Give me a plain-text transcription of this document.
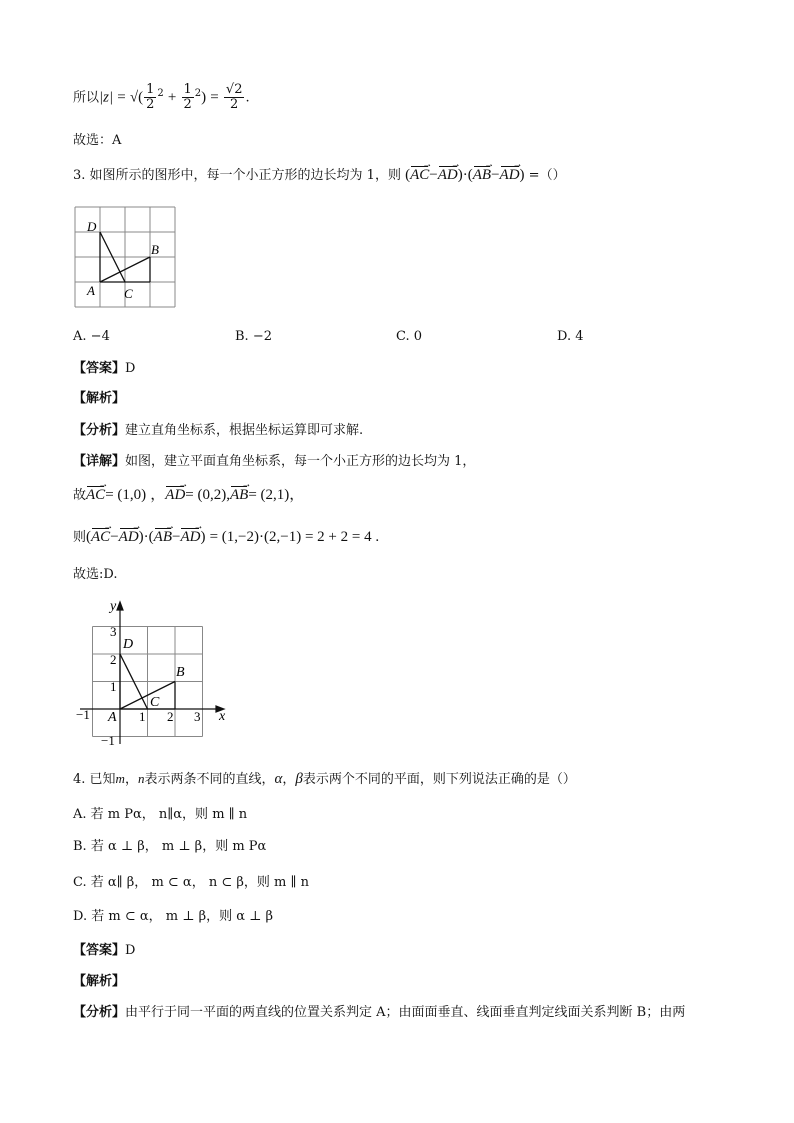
所以|z| = √( $\frac{1}{2} ^2 + \frac{1}{2} ^2) = \frac{√2}{2}$ .
故选：A
3. 如图所示的图形中，每一个小正方形的边长均为 1，则 (AC →−AD →)·(AB →−AD →) =（）
D
B
A C
A. −4	B. −2	C. 0	D. 4
【答案】D
【解析】
【分析】建立直角坐标系，根据坐标运算即可求解.
【详解】如图，建立平面直角坐标系，每一个小正方形的边长均为 1，
故AC →= (1,0) ，AD →= (0,2),AB →= (2,1)，
则(AC →−AD →)·(AB →−AD →) = (1,−2)·(2,−1) = 2 + 2 = 4 .
故选:D.
y
x
3
2
1
−1
−1
1 2 3
D
B
C
A
4. 已知m，n表示两条不同的直线，α，β表示两个不同的平面，则下列说法正确的是（）
A. 若 m Pα， n∥α，则 m ∥ n
B. 若 α ⊥ β， m ⊥ β，则 m Pα
C. 若 α∥ β， m ⊂ α， n ⊂ β，则 m ∥ n
D. 若 m ⊂ α， m ⊥ β，则 α ⊥ β
【答案】D
【解析】
【分析】由平行于同一平面的两直线的位置关系判定 A；由面面垂直、线面垂直判定线面关系判断 B；由两
